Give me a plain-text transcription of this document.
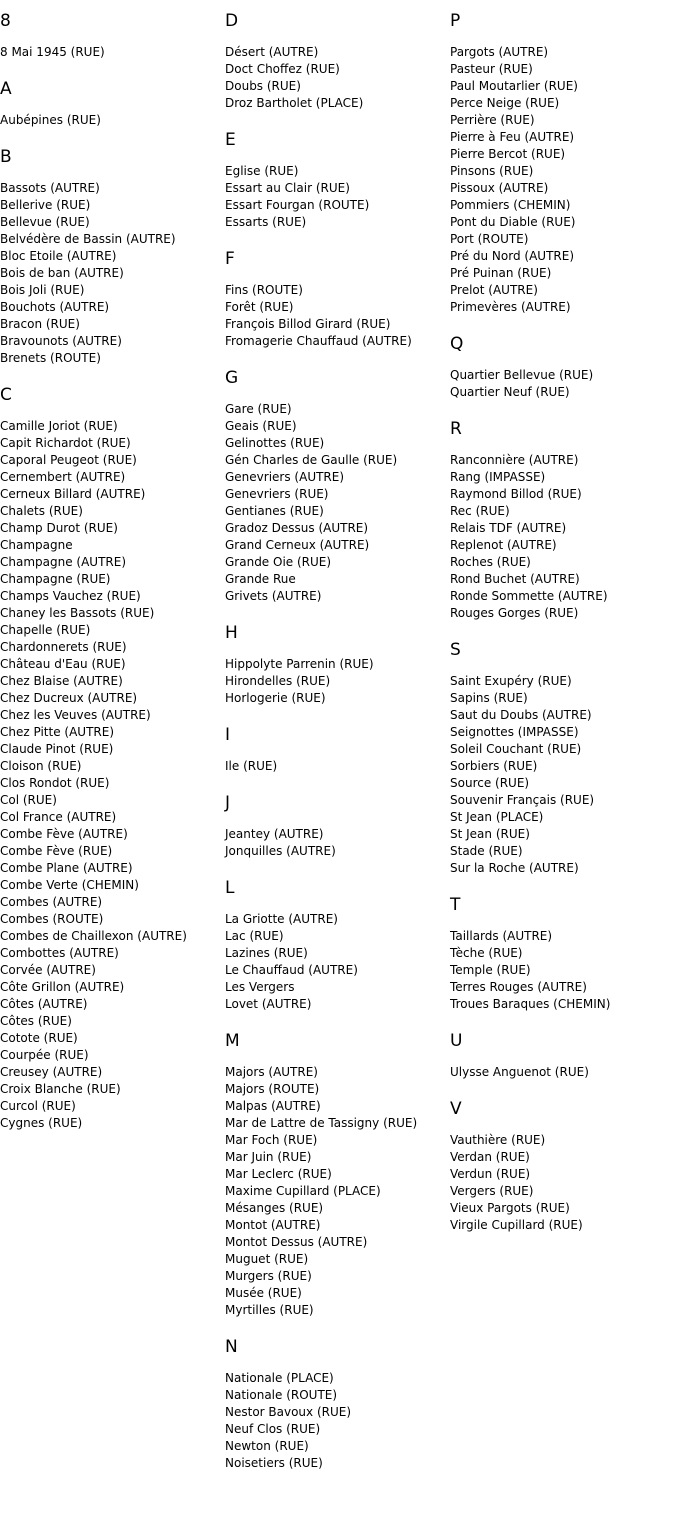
8
8 Mai 1945 (RUE)
A
Aubépines (RUE)
B
Bassots (AUTRE)
Bellerive (RUE)
Bellevue (RUE)
Belvédère de Bassin (AUTRE)
Bloc Etoile (AUTRE)
Bois de ban (AUTRE)
Bois Joli (RUE)
Bouchots (AUTRE)
Bracon (RUE)
Bravounots (AUTRE)
Brenets (ROUTE)
C
Camille Joriot (RUE)
Capit Richardot (RUE)
Caporal Peugeot (RUE)
Cernembert (AUTRE)
Cerneux Billard (AUTRE)
Chalets (RUE)
Champ Durot (RUE)
Champagne
Champagne (AUTRE)
Champagne (RUE)
Champs Vauchez (RUE)
Chaney les Bassots (RUE)
Chapelle (RUE)
Chardonnerets (RUE)
Château d'Eau (RUE)
Chez Blaise (AUTRE)
Chez Ducreux (AUTRE)
Chez les Veuves (AUTRE)
Chez Pitte (AUTRE)
Claude Pinot (RUE)
Cloison (RUE)
Clos Rondot (RUE)
Col (RUE)
Col France (AUTRE)
Combe Fève (AUTRE)
Combe Fève (RUE)
Combe Plane (AUTRE)
Combe Verte (CHEMIN)
Combes (AUTRE)
Combes (ROUTE)
Combes de Chaillexon (AUTRE)
Combottes (AUTRE)
Corvée (AUTRE)
Côte Grillon (AUTRE)
Côtes (AUTRE)
Côtes (RUE)
Cotote (RUE)
Courpée (RUE)
Creusey (AUTRE)
Croix Blanche (RUE)
Curcol (RUE)
Cygnes (RUE)
D
Désert (AUTRE)
Doct Choffez (RUE)
Doubs (RUE)
Droz Bartholet (PLACE)
E
Eglise (RUE)
Essart au Clair (RUE)
Essart Fourgan (ROUTE)
Essarts (RUE)
F
Fins (ROUTE)
Forêt (RUE)
François Billod Girard (RUE)
Fromagerie Chauffaud (AUTRE)
G
Gare (RUE)
Geais (RUE)
Gelinottes (RUE)
Gén Charles de Gaulle (RUE)
Genevriers (AUTRE)
Genevriers (RUE)
Gentianes (RUE)
Gradoz Dessus (AUTRE)
Grand Cerneux (AUTRE)
Grande Oie (RUE)
Grande Rue
Grivets (AUTRE)
H
Hippolyte Parrenin (RUE)
Hirondelles (RUE)
Horlogerie (RUE)
I
Ile (RUE)
J
Jeantey (AUTRE)
Jonquilles (AUTRE)
L
La Griotte (AUTRE)
Lac (RUE)
Lazines (RUE)
Le Chauffaud (AUTRE)
Les Vergers
Lovet (AUTRE)
M
Majors (AUTRE)
Majors (ROUTE)
Malpas (AUTRE)
Mar de Lattre de Tassigny (RUE)
Mar Foch (RUE)
Mar Juin (RUE)
Mar Leclerc (RUE)
Maxime Cupillard (PLACE)
Mésanges (RUE)
Montot (AUTRE)
Montot Dessus (AUTRE)
Muguet (RUE)
Murgers (RUE)
Musée (RUE)
Myrtilles (RUE)
N
Nationale (PLACE)
Nationale (ROUTE)
Nestor Bavoux (RUE)
Neuf Clos (RUE)
Newton (RUE)
Noisetiers (RUE)
P
Pargots (AUTRE)
Pasteur (RUE)
Paul Moutarlier (RUE)
Perce Neige (RUE)
Perrière (RUE)
Pierre à Feu (AUTRE)
Pierre Bercot (RUE)
Pinsons (RUE)
Pissoux (AUTRE)
Pommiers (CHEMIN)
Pont du Diable (RUE)
Port (ROUTE)
Pré du Nord (AUTRE)
Pré Puinan (RUE)
Prelot (AUTRE)
Primevères (AUTRE)
Q
Quartier Bellevue (RUE)
Quartier Neuf (RUE)
R
Ranconnière (AUTRE)
Rang (IMPASSE)
Raymond Billod (RUE)
Rec (RUE)
Relais TDF (AUTRE)
Replenot (AUTRE)
Roches (RUE)
Rond Buchet (AUTRE)
Ronde Sommette (AUTRE)
Rouges Gorges (RUE)
S
Saint Exupéry (RUE)
Sapins (RUE)
Saut du Doubs (AUTRE)
Seignottes (IMPASSE)
Soleil Couchant (RUE)
Sorbiers (RUE)
Source (RUE)
Souvenir Français (RUE)
St Jean (PLACE)
St Jean (RUE)
Stade (RUE)
Sur la Roche (AUTRE)
T
Taillards (AUTRE)
Tèche (RUE)
Temple (RUE)
Terres Rouges (AUTRE)
Troues Baraques (CHEMIN)
U
Ulysse Anguenot (RUE)
V
Vauthière (RUE)
Verdan (RUE)
Verdun (RUE)
Vergers (RUE)
Vieux Pargots (RUE)
Virgile Cupillard (RUE)
